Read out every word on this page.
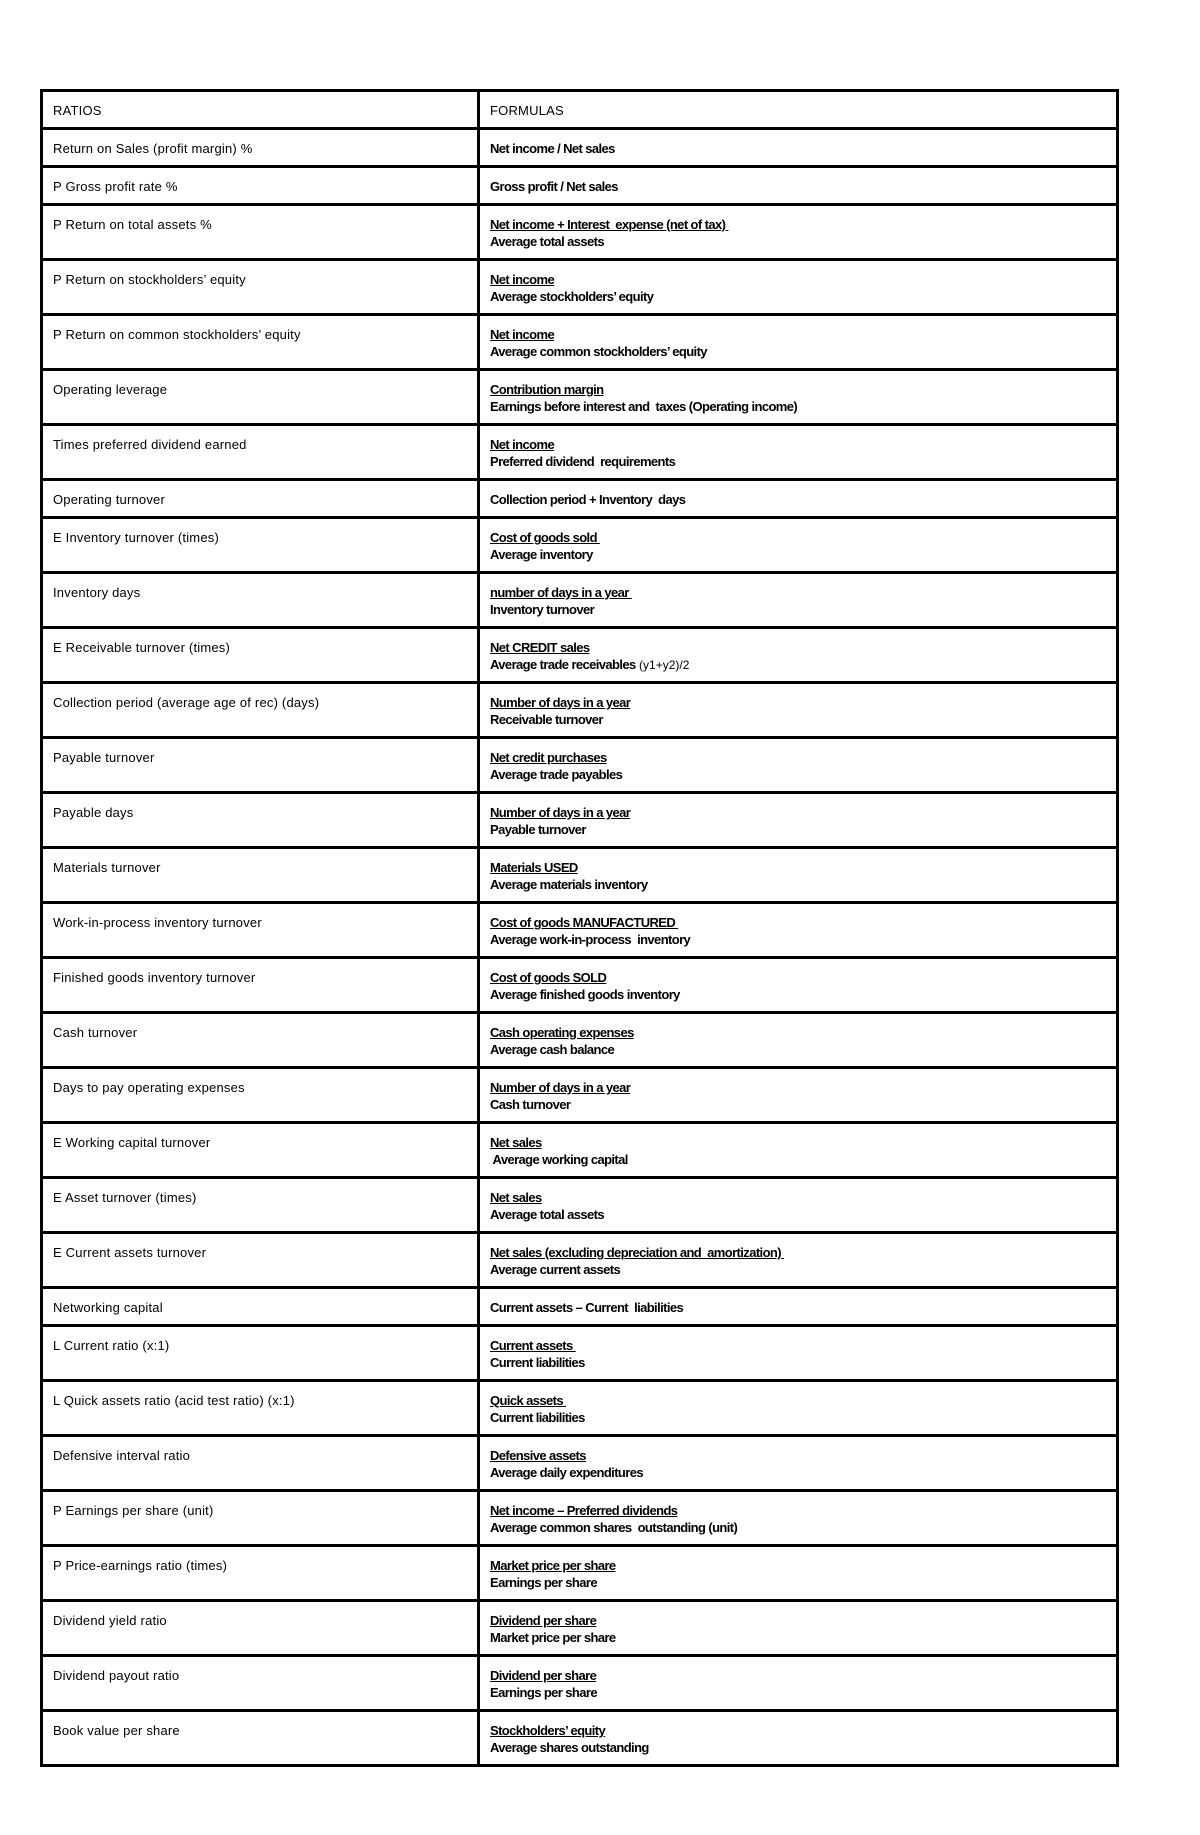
RATIOS	FORMULAS
Return on Sales (profit margin) %	Net income / Net sales

P Gross profit rate %	Gross profit / Net sales

P Return on total assets %	Net income + Interest  expense (net of tax)
Average total assets

P Return on stockholders’ equity	Net income
Average stockholders’ equity

P Return on common stockholders’ equity	Net income
Average common stockholders’ equity

Operating leverage	Contribution margin
Earnings before interest and  taxes (Operating income)

Times preferred dividend earned	Net income
Preferred dividend  requirements

Operating turnover	Collection period + Inventory  days

E Inventory turnover (times)	Cost of goods sold
Average inventory

Inventory days	number of days in a year
Inventory turnover

E Receivable turnover (times)	Net CREDIT sales
Average trade receivables (y1+y2)/2

Collection period (average age of rec) (days)	Number of days in a year
Receivable turnover

Payable turnover	Net credit purchases
Average trade payables

Payable days	Number of days in a year
Payable turnover

Materials turnover	Materials USED
Average materials inventory

Work-in-process inventory turnover	Cost of goods MANUFACTURED
Average work-in-process  inventory

Finished goods inventory turnover	Cost of goods SOLD
Average finished goods inventory

Cash turnover	Cash operating expenses
Average cash balance

Days to pay operating expenses	Number of days in a year
Cash turnover

E Working capital turnover	Net sales
Average working capital

E Asset turnover (times)	Net sales
Average total assets

E Current assets turnover	Net sales (excluding depreciation and  amortization)
Average current assets

Networking capital	Current assets – Current  liabilities

L Current ratio (x:1)	Current assets
Current liabilities

L Quick assets ratio (acid test ratio) (x:1)	Quick assets
Current liabilities

Defensive interval ratio	Defensive assets
Average daily expenditures

P Earnings per share (unit)	Net income – Preferred dividends
Average common shares  outstanding (unit)

P Price-earnings ratio (times)	Market price per share
Earnings per share

Dividend yield ratio	Dividend per share
Market price per share

Dividend payout ratio	Dividend per share
Earnings per share

Book value per share	Stockholders’ equity
Average shares outstanding
